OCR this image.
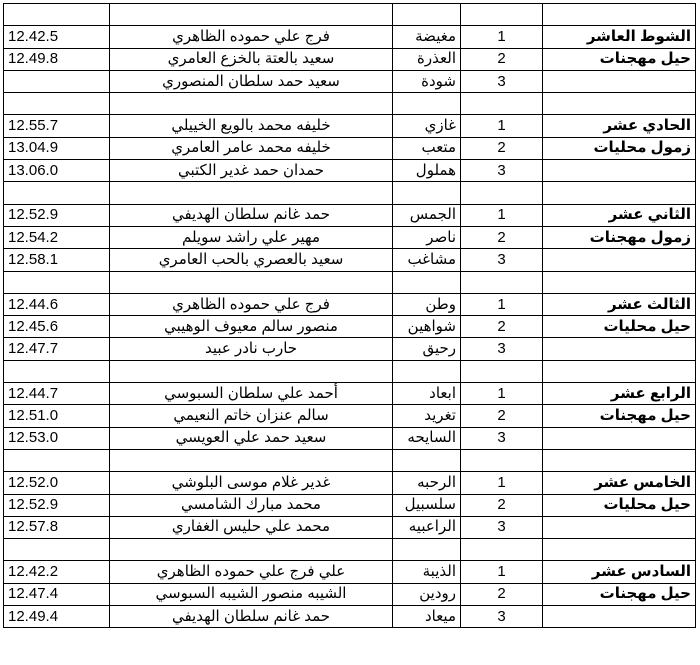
12.42.5	فرج علي حموده الظاهري	مغيضة	1	الشوط العاشر
12.49.8	سعيد بالعتة بالخزع العامري	العذرة	2	حيل مهجنات
	سعيد حمد سلطان المنصوري	شودة	3	

12.55.7	خليفه محمد بالويع الخييلي	غازي	1	الحادي عشر
13.04.9	خليفه محمد عامر العامري	متعب	2	زمول محليات
13.06.0	حمدان حمد غدير الكتبي	هملول	3	

12.52.9	حمد غانم سلطان الهديفي	الجمس	1	الثاني عشر
12.54.2	مهير علي راشد سويلم	ناصر	2	زمول مهجنات
12.58.1	سعيد بالعصري بالحب العامري	مشاغب	3	

12.44.6	فرج علي حموده الظاهري	وطن	1	الثالث عشر
12.45.6	منصور سالم معيوف الوهيبي	شواهين	2	حيل محليات
12.47.7	حارب نادر عبيد	رحيق	3	

12.44.7	أحمد علي سلطان السبوسي	ابعاد	1	الرابع عشر
12.51.0	سالم عنزان خاتم النعيمي	تغريد	2	حيل مهجنات
12.53.0	سعيد حمد علي العويسي	السايحه	3	

12.52.0	غدير غلام موسى البلوشي	الرحبه	1	الخامس عشر
12.52.9	محمد مبارك الشامسي	سلسبيل	2	حيل محليات
12.57.8	محمد علي حليس الغفاري	الراعبيه	3	

12.42.2	علي فرج علي حموده الظاهري	الذيبة	1	السادس عشر
12.47.4	الشيبه منصور الشيبه السبوسي	رودين	2	حيل مهجنات
12.49.4	حمد غانم سلطان الهديفي	ميعاد	3	
